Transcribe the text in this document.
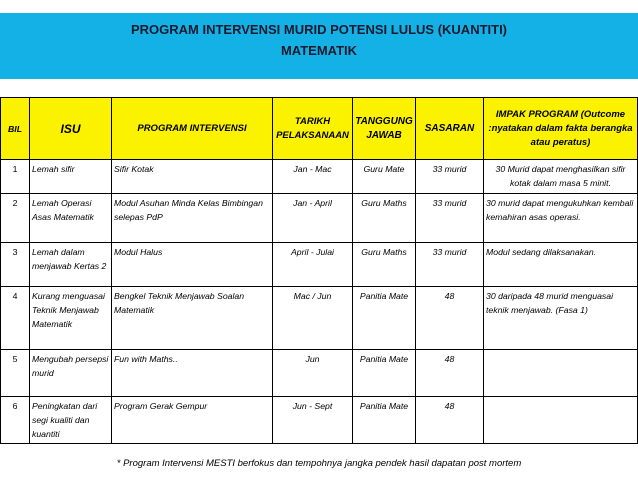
PROGRAM INTERVENSI MURID POTENSI LULUS (KUANTITI)
MATEMATIK
BIL	ISU	PROGRAM INTERVENSI	TARIKH PELAKSANAAN	TANGGUNG JAWAB	SASARAN	IMPAK PROGRAM (Outcome :nyatakan dalam fakta berangka atau peratus)
1	Lemah sifir	Sifir Kotak	Jan - Mac	Guru Mate	33 murid	30 Murid dapat menghasilkan sifir kotak dalam masa 5 minit.
2	Lemah Operasi Asas Matematik	Modul Asuhan Minda Kelas Bimbingan selepas PdP	Jan - April	Guru Maths	33 murid	30 murid dapat mengukuhkan kembali kemahiran asas operasi.
3	Lemah dalam menjawab Kertas 2	Modul Halus	April - Julai	Guru Maths	33 murid	Modul sedang dilaksanakan.
4	Kurang menguasai Teknik Menjawab Matematik	Bengkel Teknik Menjawab Soalan Matematik	Mac / Jun	Panitia Mate	48	30 daripada 48 murid menguasai teknik menjawab. (Fasa 1)
5	Mengubah persepsi murid	Fun with Maths..	Jun	Panitia Mate	48	
6	Peningkatan dari segi kualiti dan kuantiti	Program Gerak Gempur	Jun - Sept	Panitia Mate	48	
* Program Intervensi MESTI berfokus dan tempohnya jangka pendek hasil dapatan post mortem
